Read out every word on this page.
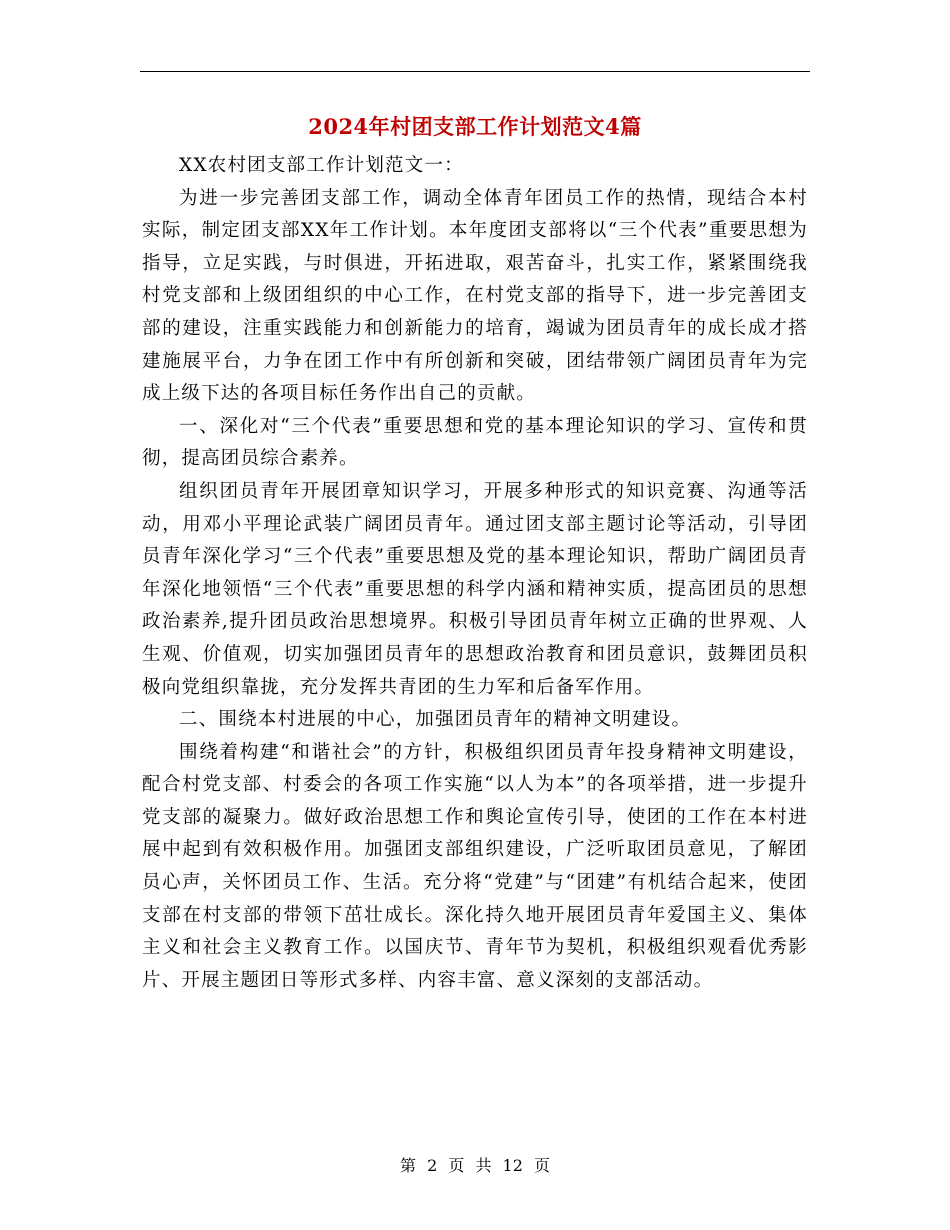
2024年村团支部工作计划范文4篇

XX农村团支部工作计划范文一：

为进一步完善团支部工作，调动全体青年团员工作的热情，现结合本村实际，制定团支部XX年工作计划。本年度团支部将以“三个代表”重要思想为指导，立足实践，与时俱进，开拓进取，艰苦奋斗，扎实工作，紧紧围绕我村党支部和上级团组织的中心工作，在村党支部的指导下，进一步完善团支部的建设，注重实践能力和创新能力的培育，竭诚为团员青年的成长成才搭建施展平台，力争在团工作中有所创新和突破，团结带领广阔团员青年为完成上级下达的各项目标任务作出自己的贡献。

一、深化对“三个代表”重要思想和党的基本理论知识的学习、宣传和贯彻，提高团员综合素养。

组织团员青年开展团章知识学习，开展多种形式的知识竞赛、沟通等活动，用邓小平理论武装广阔团员青年。通过团支部主题讨论等活动，引导团员青年深化学习“三个代表”重要思想及党的基本理论知识，帮助广阔团员青年深化地领悟“三个代表”重要思想的科学内涵和精神实质，提高团员的思想政治素养,提升团员政治思想境界。积极引导团员青年树立正确的世界观、人生观、价值观，切实加强团员青年的思想政治教育和团员意识，鼓舞团员积极向党组织靠拢，充分发挥共青团的生力军和后备军作用。

二、围绕本村进展的中心，加强团员青年的精神文明建设。

围绕着构建“和谐社会”的方针，积极组织团员青年投身精神文明建设，配合村党支部、村委会的各项工作实施“以人为本”的各项举措，进一步提升党支部的凝聚力。做好政治思想工作和舆论宣传引导，使团的工作在本村进展中起到有效积极作用。加强团支部组织建设，广泛听取团员意见，了解团员心声，关怀团员工作、生活。充分将“党建”与“团建”有机结合起来，使团支部在村支部的带领下茁壮成长。深化持久地开展团员青年爱国主义、集体主义和社会主义教育工作。以国庆节、青年节为契机，积极组织观看优秀影片、开展主题团日等形式多样、内容丰富、意义深刻的支部活动。

第 2 页 共 12 页
